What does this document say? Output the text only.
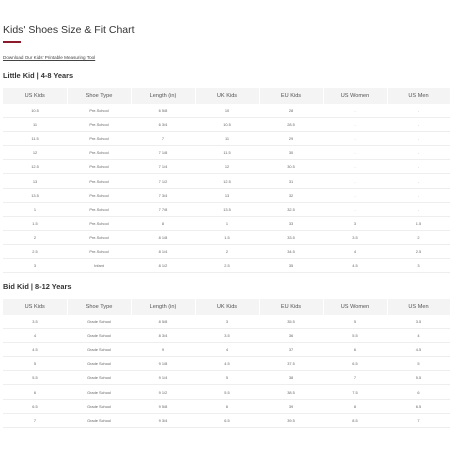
Kids' Shoes Size & Fit Chart
Download Our Kids' Printable Measuring Tool
Little Kid | 4-8 Years
US Kids	Shoe Type	Length (in)	UK Kids	EU Kids	US Women	US Men
10.5	Pre-School	6 5/8	10	28	-	-
11	Pre-School	6 3/4	10.5	28.5	-	-
11.5	Pre-School	7	11	29	-	-
12	Pre-School	7 1/8	11.5	30	-	-
12.5	Pre-School	7 1/4	12	30.5	-	-
13	Pre-School	7 1/2	12.5	31	-	-
13.5	Pre-School	7 3/4	13	32	-	-
1	Pre-School	7 7/8	13.5	32.5	-	-
1.5	Pre-School	8	1	33	3	1.5
2	Pre-School	8 1/8	1.5	33.5	3.5	2
2.5	Pre-School	8 1/4	2	34.5	4	2.5
3	Infant	8 1/2	2.5	35	4.5	3
Bid Kid | 8-12 Years
US Kids	Shoe Type	Length (in)	UK Kids	EU Kids	US Women	US Men
3.5	Grade School	8 5/8	3	35.5	5	3.5
4	Grade School	8 3/4	3.5	36	5.5	4
4.5	Grade School	9	4	37	6	4.5
5	Grade School	9 1/8	4.5	37.5	6.5	5
5.5	Grade School	9 1/4	5	38	7	5.5
6	Grade School	9 1/2	5.5	38.5	7.5	6
6.5	Grade School	9 5/8	6	39	8	6.5
7	Grade School	9 3/4	6.5	39.5	8.5	7
